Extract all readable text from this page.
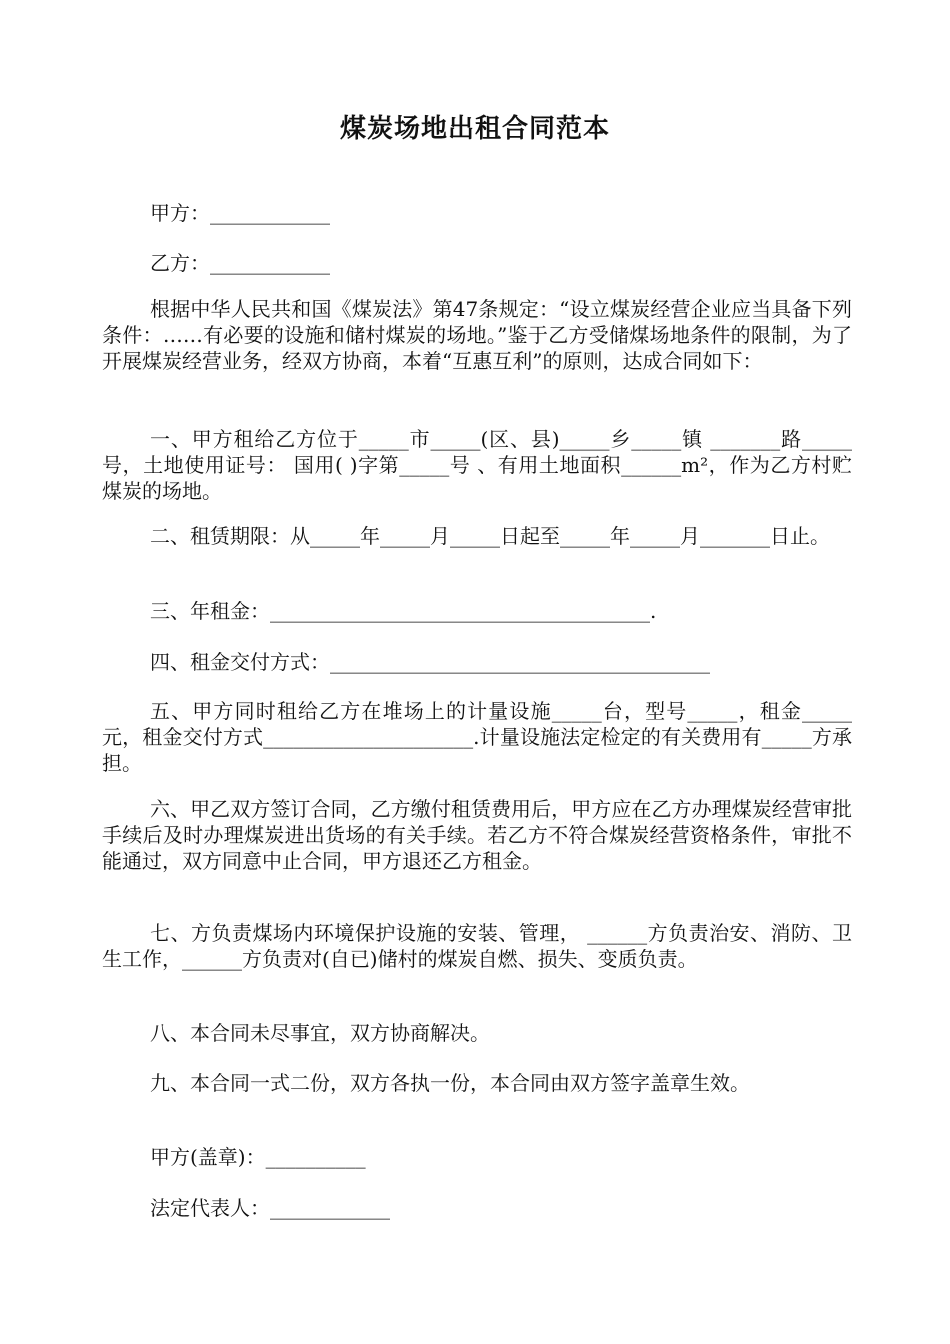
煤炭场地出租合同范本

甲方：____________

乙方：____________

根据中华人民共和国《煤炭法》第47条规定：“设立煤炭经营企业应当具备下列条件：……有必要的设施和储村煤炭的场地。”鉴于乙方受储煤场地条件的限制，为了开展煤炭经营业务，经双方协商，本着“互惠互利”的原则，达成合同如下：

一、甲方租给乙方位于_____市_____(区、县)_____乡_____镇 _______路_____号，土地使用证号： 国用( )字第_____号 、有用土地面积______m²，作为乙方村贮煤炭的场地。

二、租赁期限：从_____年_____月_____日起至_____年_____月_______日止。

三、年租金：______________________________________.

四、租金交付方式：______________________________________

五、甲方同时租给乙方在堆场上的计量设施_____台，型号_____，租金_____元，租金交付方式_____________________.计量设施法定检定的有关费用有_____方承担。

六、甲乙双方签订合同，乙方缴付租赁费用后，甲方应在乙方办理煤炭经营审批手续后及时办理煤炭进出货场的有关手续。若乙方不符合煤炭经营资格条件，审批不能通过，双方同意中止合同，甲方退还乙方租金。

七、方负责煤场内环境保护设施的安装、管理， ______方负责治安、消防、卫生工作，______方负责对(自已)储村的煤炭自燃、损失、变质负责。

八、本合同未尽事宜，双方协商解决。

九、本合同一式二份，双方各执一份，本合同由双方签字盖章生效。

甲方(盖章)：__________

法定代表人：____________
